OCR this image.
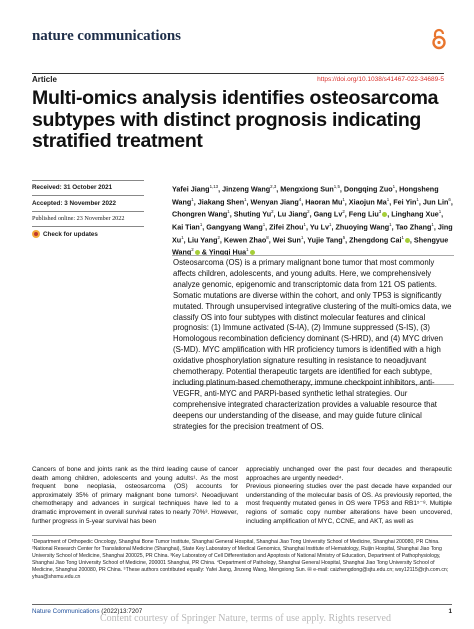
nature communications
Article	https://doi.org/10.1038/s41467-022-34689-5
Multi-omics analysis identifies osteosarcoma subtypes with distinct prognosis indicating stratified treatment
Received: 31 October 2021
Accepted: 3 November 2022
Published online: 23 November 2022
Check for updates
Yafei Jiang$^{1,13}$, Jinzeng Wang$^{2,3}$, Mengxiong Sun$^{1,5}$, Dongqing Zuo$^1$, Hongsheng Wang$^1$, Jiakang Shen$^1$, Wenyan Jiang$^4$, Haoran Mu$^1$, Xiaojun Ma$^1$, Fei Yin$^1$, Jun Lin$^6$, Chongren Wang$^1$, Shuting Yu$^2$, Lu Jiang$^2$, Gang Lv$^2$, Feng Liu$^3$ , Linghang Xue$^1$, Kai Tian$^1$, Gangyang Wang$^1$, Zifei Zhou$^1$, Yu Lv$^1$, Zhuoying Wang$^1$, Tao Zhang$^1$, Jing Xu$^1$, Liu Yang$^2$, Kewen Zhao$^8$, Wei Sun$^1$, Yujie Tang$^5$, Zhengdong Cai$^1$ , Shengyue Wang$^2$ & Yingqi Hua$^1$
Osteosarcoma (OS) is a primary malignant bone tumor that most commonly affects children, adolescents, and young adults. Here, we comprehensively analyze genomic, epigenomic and transcriptomic data from 121 OS patients. Somatic mutations are diverse within the cohort, and only TP53 is significantly mutated. Through unsupervised integrative clustering of the multi-omics data, we classify OS into four subtypes with distinct molecular features and clinical prognosis: (1) Immune activated (S-IA), (2) Immune suppressed (S-IS), (3) Homologous recombination deficiency dominant (S-HRD), and (4) MYC driven (S-MD). MYC amplification with HR proficiency tumors is identified with a high oxidative phosphorylation signature resulting in resistance to neoadjuvant chemotherapy. Potential therapeutic targets are identified for each subtype, including platinum-based chemotherapy, immune checkpoint inhibitors, anti-VEGFR, anti-MYC and PARPi-based synthetic lethal strategies. Our comprehensive integrated characterization provides a valuable resource that deepens our understanding of the disease, and may guide future clinical strategies for the precision treatment of OS.
Cancers of bone and joints rank as the third leading cause of cancer death among children, adolescents and young adults¹. As the most frequent bone neoplasia, osteosarcoma (OS) accounts for approximately 35% of primary malignant bone tumors². Neoadjuvant chemotherapy and advances in surgical techniques have led to a dramatic improvement in overall survival rates to nearly 70%³. However, further progress in 5-year survival has been
appreciably unchanged over the past four decades and therapeutic approaches are urgently needed⁴.
Previous pioneering studies over the past decade have expanded our understanding of the molecular basis of OS. As previously reported, the most frequently mutated genes in OS were TP53 and RB1⁵⁻⁸. Multiple regions of somatic copy number alterations have been uncovered, including amplification of MYC, CCNE, and AKT, as well as
¹Department of Orthopedic Oncology, Shanghai Bone Tumor Institute, Shanghai General Hospital, Shanghai Jiao Tong University School of Medicine, Shanghai 200080, PR China. ²National Research Center for Translational Medicine (Shanghai), State Key Laboratory of Medical Genomics, Shanghai Institute of Hematology, Ruijin Hospital, Shanghai Jiao Tong University School of Medicine, Shanghai 200025, PR China. ³Key Laboratory of Cell Differentiation and Apoptosis of National Ministry of Education, Department of Pathophysiology, Shanghai Jiao Tong University School of Medicine, 200001 Shanghai, PR China. ⁴Department of Pathology, Shanghai General Hospital, Shanghai Jiao Tong University School of Medicine, Shanghai 200080, PR China. ⁵These authors contributed equally: Yafei Jiang, Jinzeng Wang, Mengxiong Sun. ✉ e-mail: caizhengdong@sjtu.edu.cn; wsy12115@rjh.com.cn; yhua@shsmu.edu.cn
Nature Communications (2022)13:7207	1
Content courtesy of Springer Nature, terms of use apply. Rights reserved
